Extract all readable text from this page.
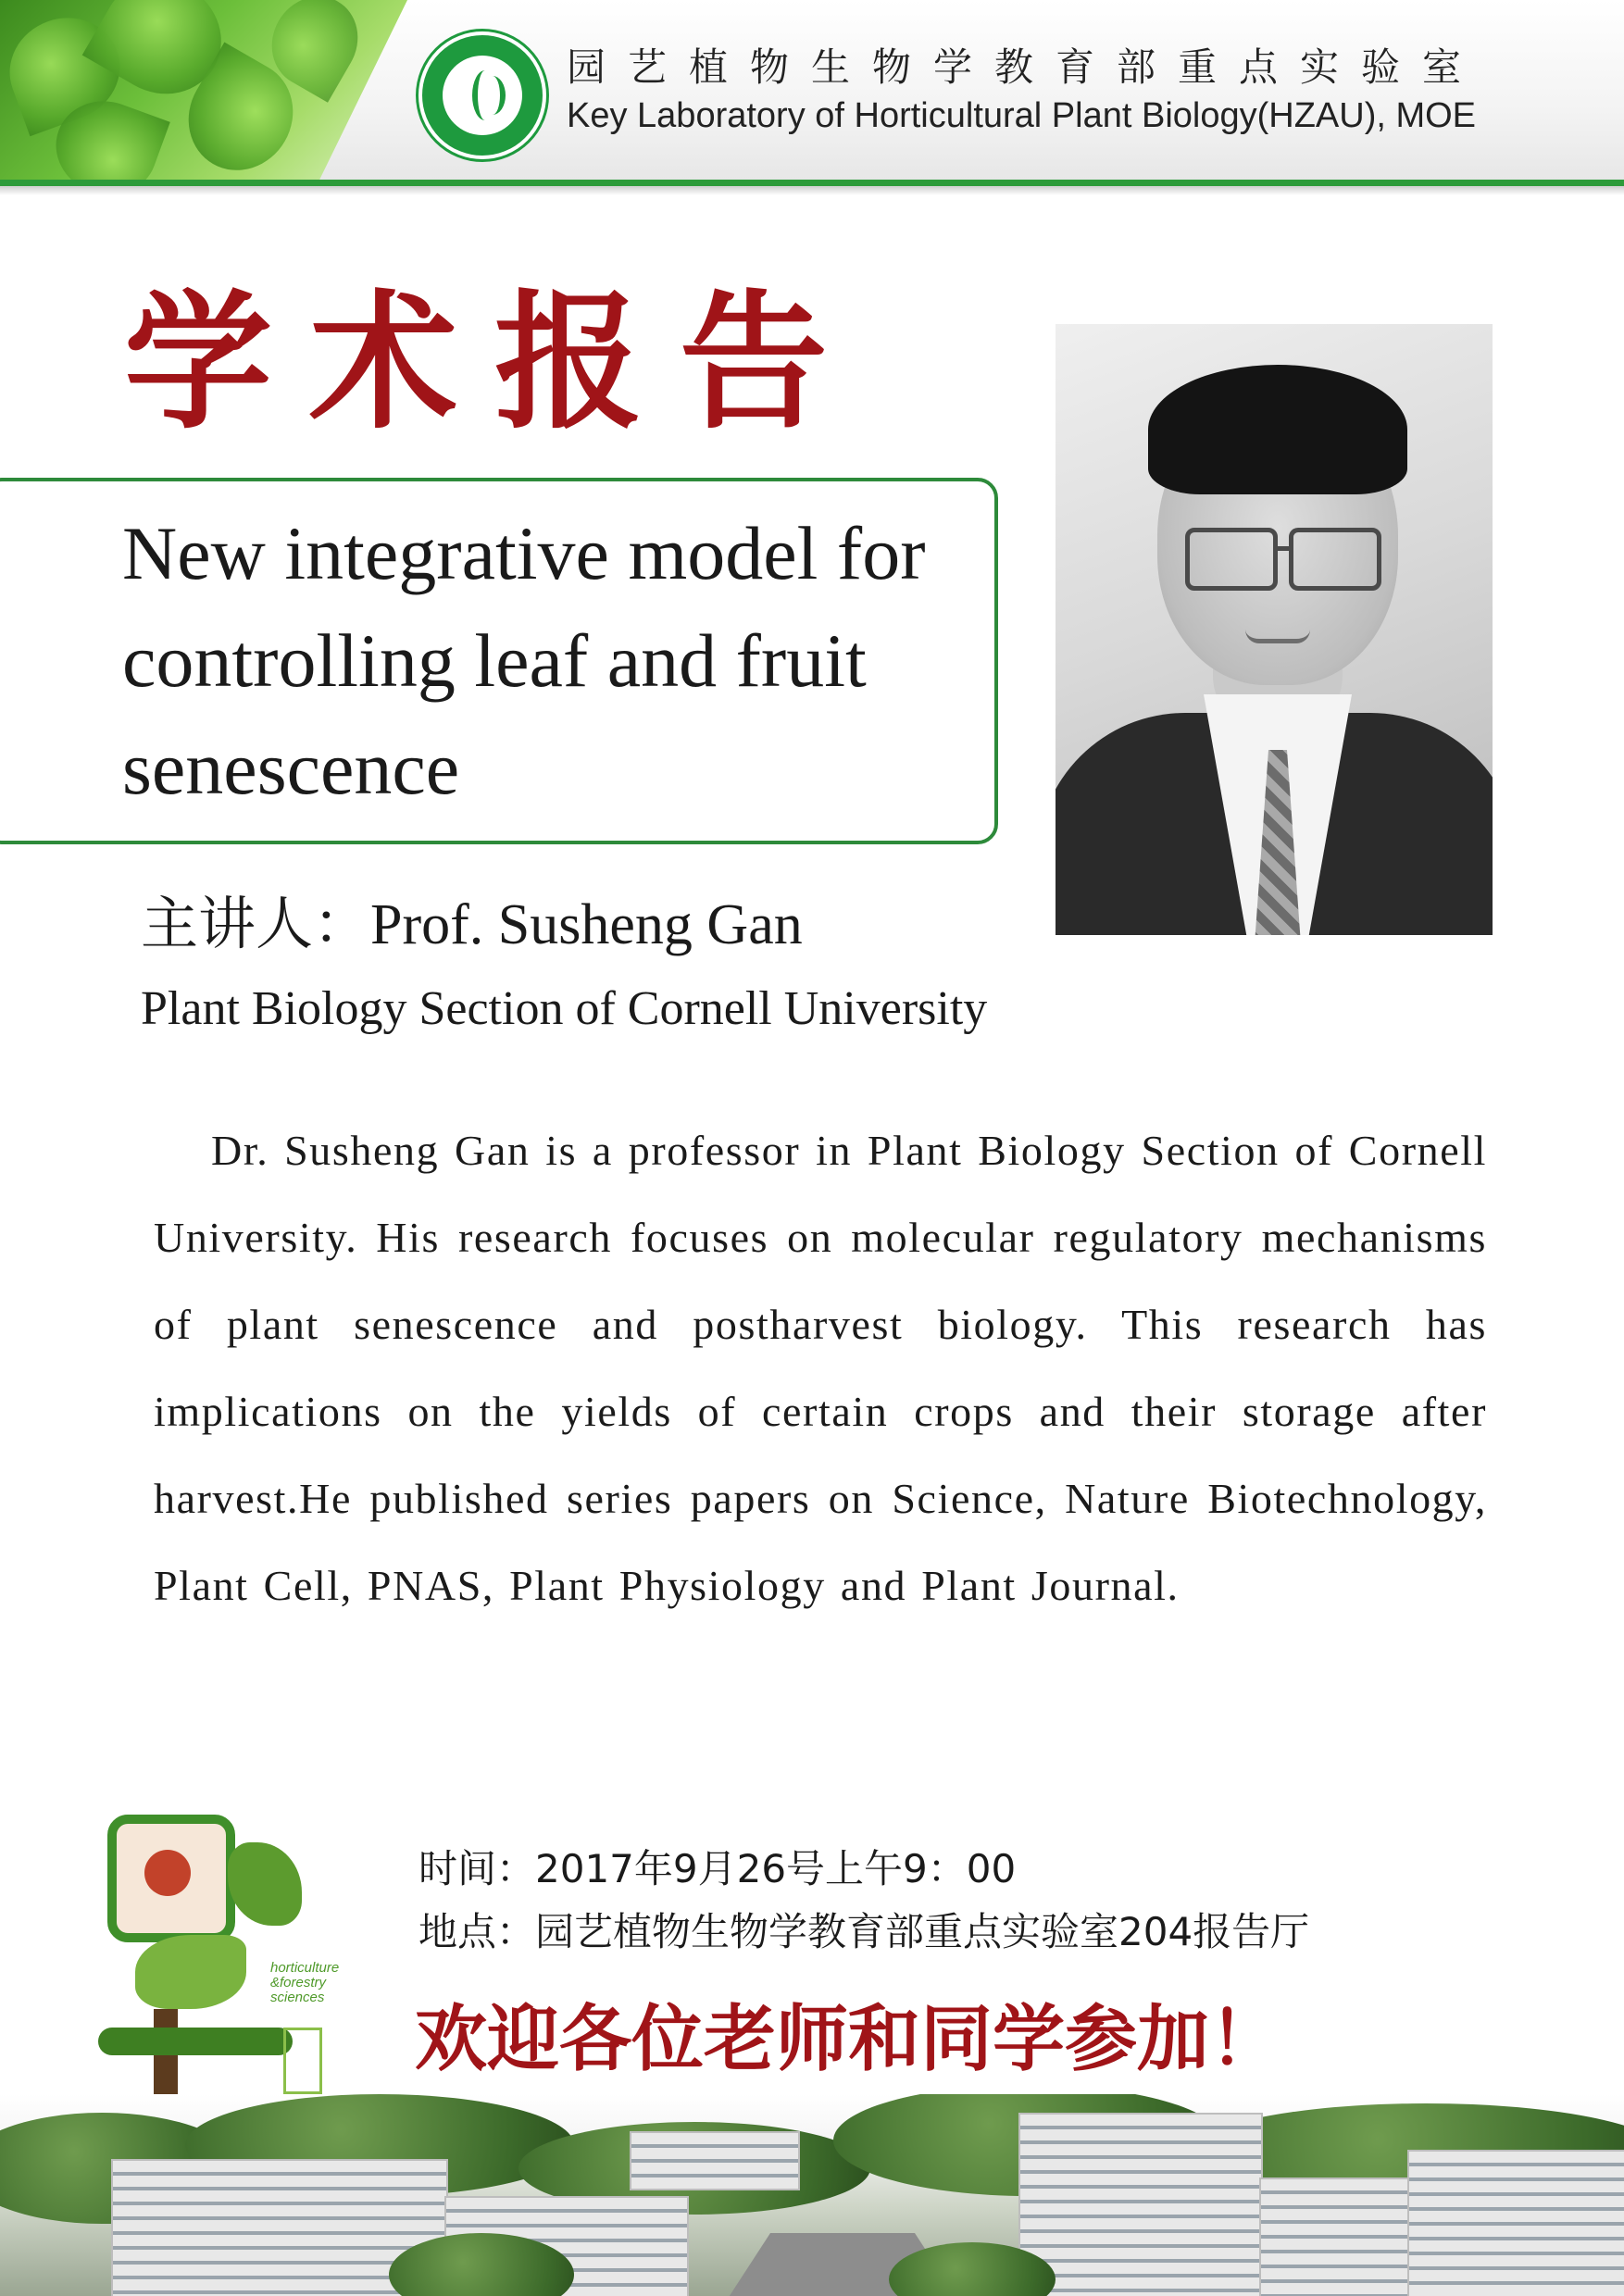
园艺植物生物学教育部重点实验室
Key Laboratory of Horticultural Plant Biology(HZAU), MOE
学术报告
New integrative model for controlling leaf and fruit senescence
主讲人：Prof. Susheng Gan
Plant Biology Section of Cornell University
Dr. Susheng Gan is a professor in Plant Biology Section of Cornell University. His research focuses on molecular regulatory mechanisms of plant senescence and postharvest biology. This research has implications on the yields of certain crops and their storage after harvest.He published series papers on Science, Nature Biotechnology, Plant Cell, PNAS, Plant Physiology and Plant Journal.
horticulture &forestry sciences
时间：2017年9月26号上午9：00
地点：园艺植物生物学教育部重点实验室204报告厅
欢迎各位老师和同学参加！
